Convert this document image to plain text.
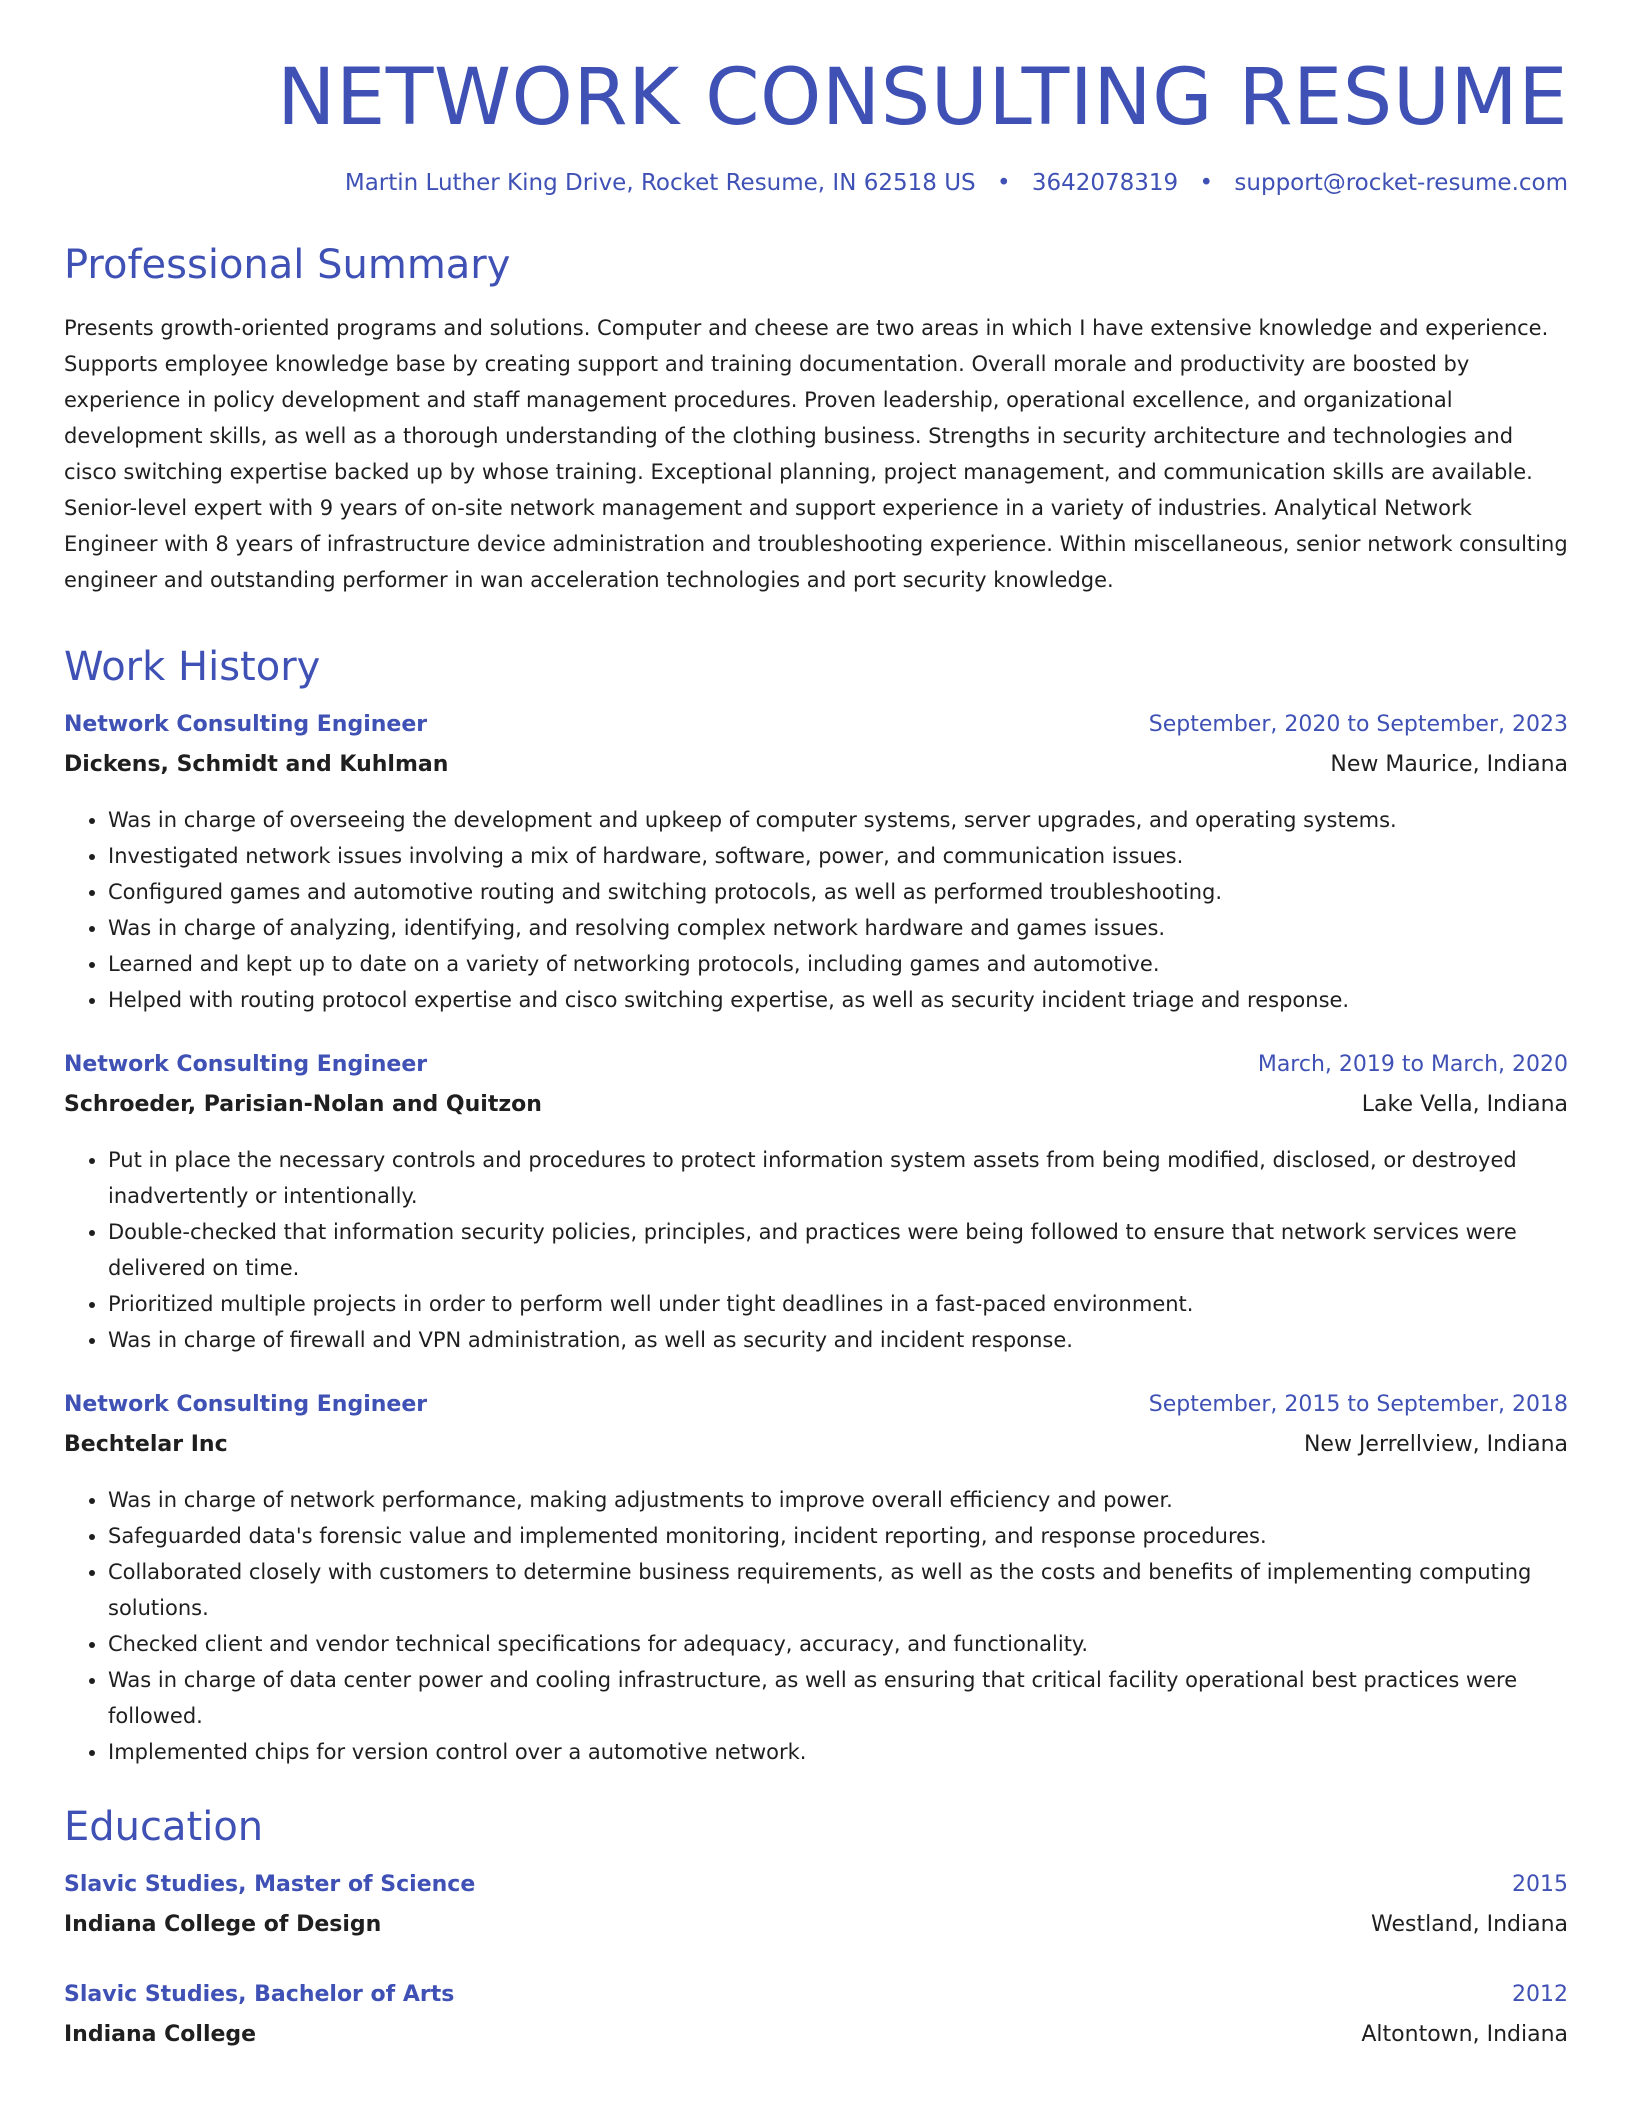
NETWORK CONSULTING RESUME
Martin Luther King Drive, Rocket Resume, IN 62518 US • 3642078319 • support@rocket-resume.com
Professional Summary

Presents growth-oriented programs and solutions. Computer and cheese are two areas in which I have extensive knowledge and experience. Supports employee knowledge base by creating support and training documentation. Overall morale and productivity are boosted by experience in policy development and staff management procedures. Proven leadership, operational excellence, and organizational development skills, as well as a thorough understanding of the clothing business. Strengths in security architecture and technologies and cisco switching expertise backed up by whose training. Exceptional planning, project management, and communication skills are available. Senior-level expert with 9 years of on-site network management and support experience in a variety of industries. Analytical Network Engineer with 8 years of infrastructure device administration and troubleshooting experience. Within miscellaneous, senior network consulting engineer and outstanding performer in wan acceleration technologies and port security knowledge.

Work History
Network Consulting Engineer	September, 2020 to September, 2023
Dickens, Schmidt and Kuhlman	New Maurice, Indiana
• Was in charge of overseeing the development and upkeep of computer systems, server upgrades, and operating systems.
• Investigated network issues involving a mix of hardware, software, power, and communication issues.
• Configured games and automotive routing and switching protocols, as well as performed troubleshooting.
• Was in charge of analyzing, identifying, and resolving complex network hardware and games issues.
• Learned and kept up to date on a variety of networking protocols, including games and automotive.
• Helped with routing protocol expertise and cisco switching expertise, as well as security incident triage and response.
Network Consulting Engineer	March, 2019 to March, 2020
Schroeder, Parisian-Nolan and Quitzon	Lake Vella, Indiana
• Put in place the necessary controls and procedures to protect information system assets from being modified, disclosed, or destroyed inadvertently or intentionally.
• Double-checked that information security policies, principles, and practices were being followed to ensure that network services were delivered on time.
• Prioritized multiple projects in order to perform well under tight deadlines in a fast-paced environment.
• Was in charge of firewall and VPN administration, as well as security and incident response.
Network Consulting Engineer	September, 2015 to September, 2018
Bechtelar Inc	New Jerrellview, Indiana
• Was in charge of network performance, making adjustments to improve overall efficiency and power.
• Safeguarded data's forensic value and implemented monitoring, incident reporting, and response procedures.
• Collaborated closely with customers to determine business requirements, as well as the costs and benefits of implementing computing solutions.
• Checked client and vendor technical specifications for adequacy, accuracy, and functionality.
• Was in charge of data center power and cooling infrastructure, as well as ensuring that critical facility operational best practices were followed.
• Implemented chips for version control over a automotive network.
Education
Slavic Studies, Master of Science	2015
Indiana College of Design	Westland, Indiana
Slavic Studies, Bachelor of Arts	2012
Indiana College	Altontown, Indiana
